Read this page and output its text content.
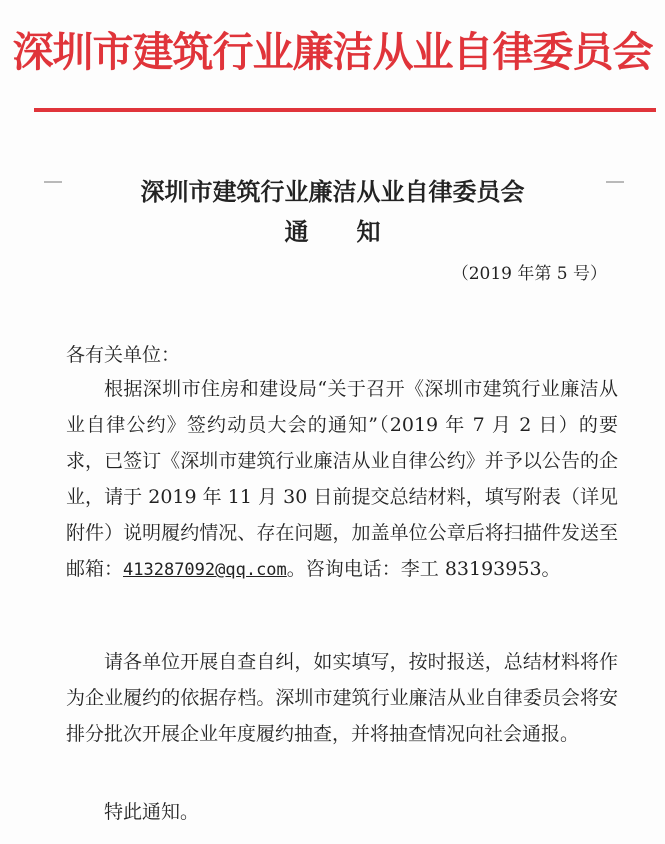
深圳市建筑行业廉洁从业自律委员会
深圳市建筑行业廉洁从业自律委员会
通知
（2019 年第 5 号）
各有关单位：
根据深圳市住房和建设局“关于召开《深圳市建筑行业廉洁从业自律公约》签约动员大会的通知”（2019 年 7 月 2 日）的要求，已签订《深圳市建筑行业廉洁从业自律公约》并予以公告的企业，请于 2019 年 11 月 30 日前提交总结材料，填写附表（详见附件）说明履约情况、存在问题，加盖单位公章后将扫描件发送至邮箱：413287092@qq.com。咨询电话：李工 83193953。
请各单位开展自查自纠，如实填写，按时报送，总结材料将作为企业履约的依据存档。深圳市建筑行业廉洁从业自律委员会将安排分批次开展企业年度履约抽查，并将抽查情况向社会通报。
特此通知。
